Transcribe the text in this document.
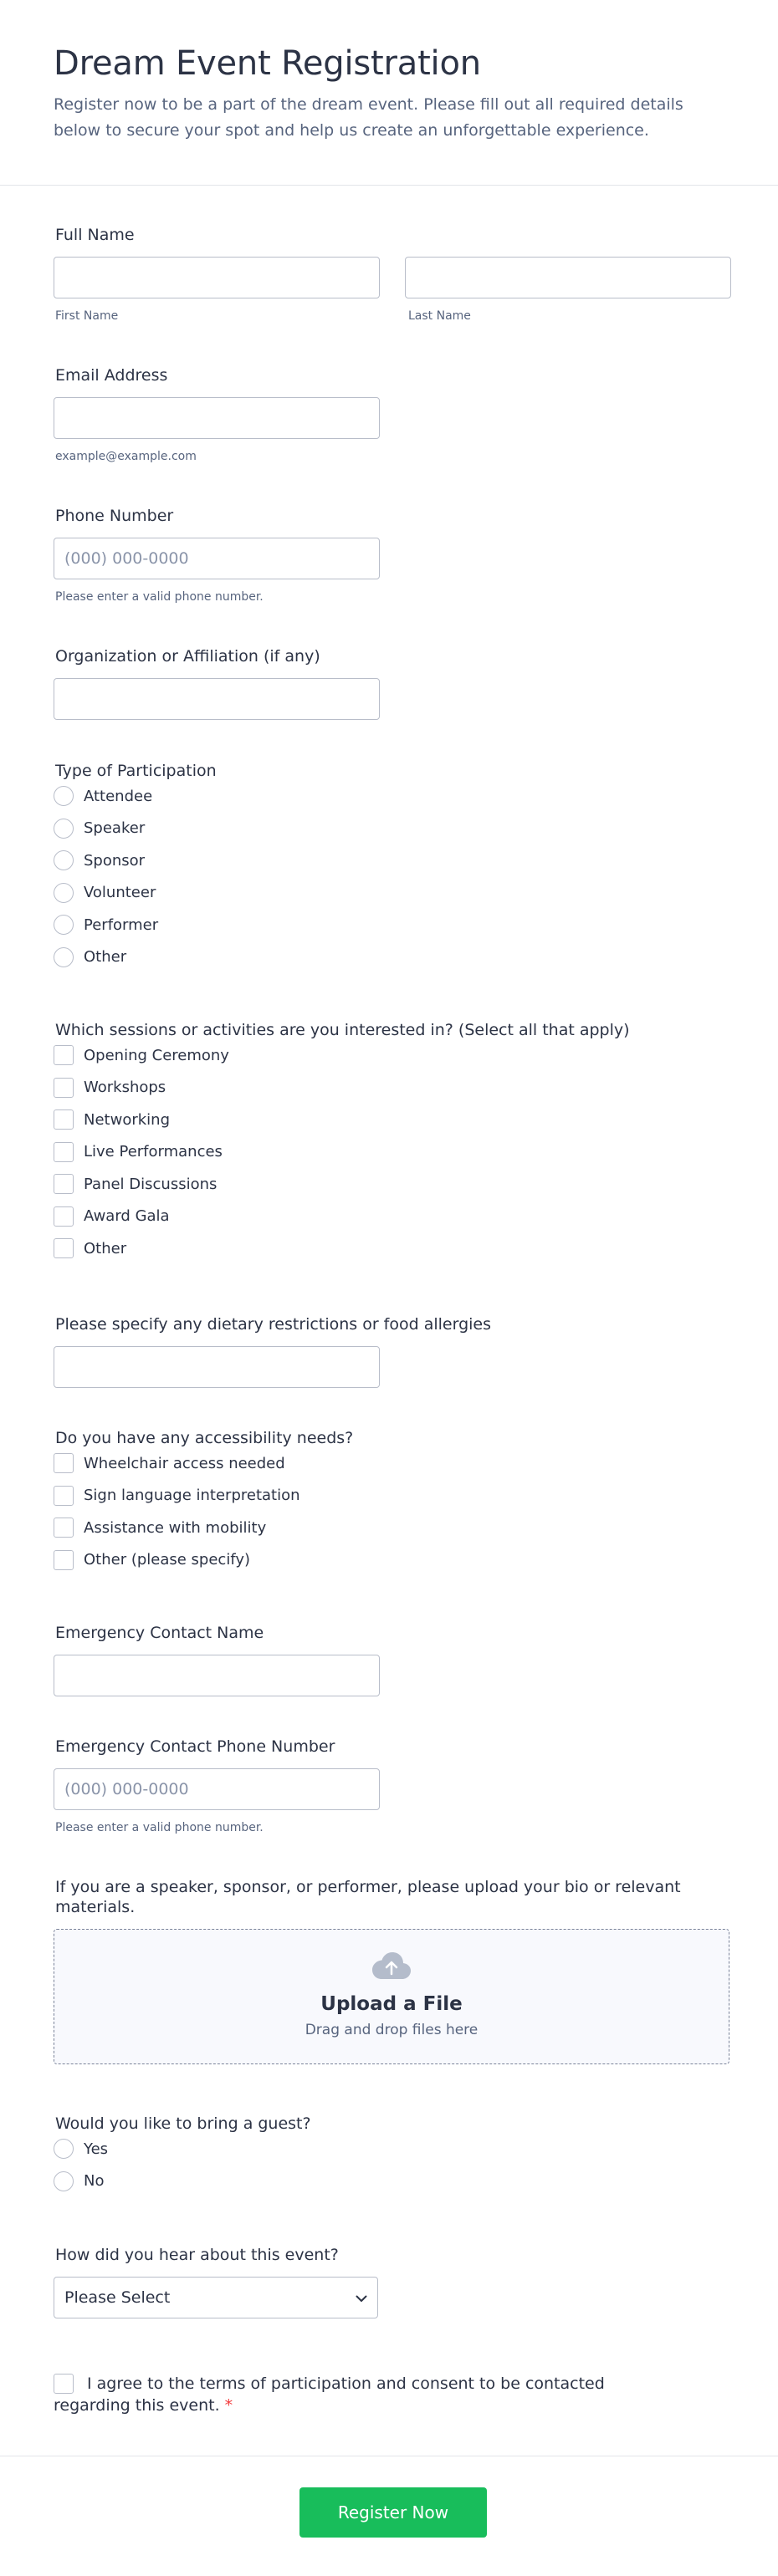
Dream Event Registration

Register now to be a part of the dream event. Please fill out all required details below to secure your spot and help us create an unforgettable experience.

Full Name
First Name	Last Name
Email Address
example@example.com
Phone Number
(000) 000-0000
Please enter a valid phone number.
Organization or Affiliation (if any)
Type of Participation
Attendee
Speaker
Sponsor
Volunteer
Performer
Other
Which sessions or activities are you interested in? (Select all that apply)
Opening Ceremony
Workshops
Networking
Live Performances
Panel Discussions
Award Gala
Other
Please specify any dietary restrictions or food allergies
Do you have any accessibility needs?
Wheelchair access needed
Sign language interpretation
Assistance with mobility
Other (please specify)
Emergency Contact Name
Emergency Contact Phone Number
(000) 000-0000
Please enter a valid phone number.
If you are a speaker, sponsor, or performer, please upload your bio or relevant materials.
Upload a File
Drag and drop files here
Would you like to bring a guest?
Yes
No
How did you hear about this event?
Please Select
I agree to the terms of participation and consent to be contacted regarding this event. *
Register Now
